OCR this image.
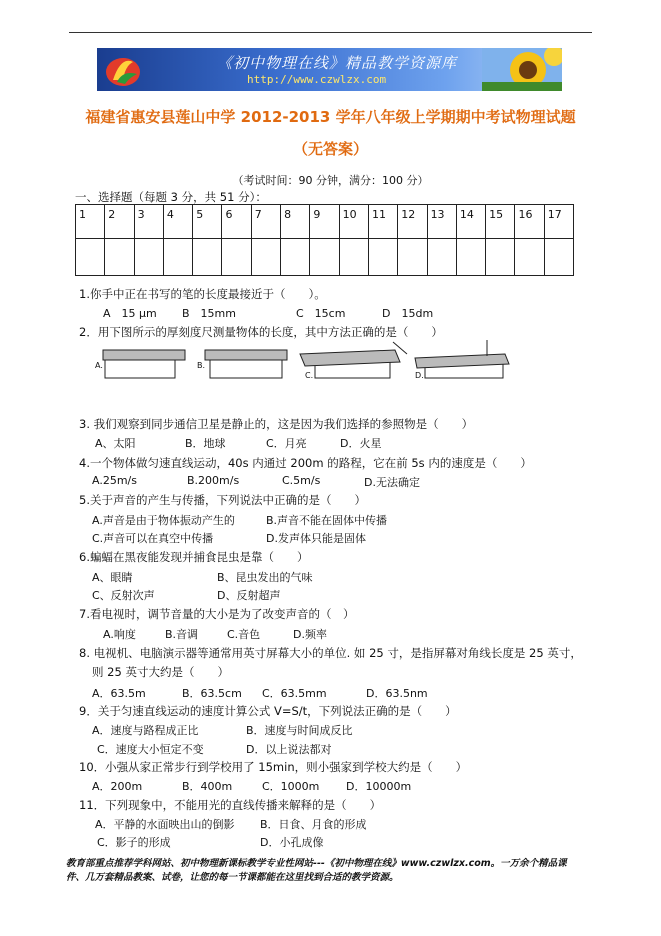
《初中物理在线》精品教学资源库
http://www.czwlzx.com
福建省惠安县莲山中学 2012-2013 学年八年级上学期期中考试物理试题
（无答案）
（考试时间：90 分钟，满分：100 分）
一、选择题（每题 3 分，共 51 分）：
1	2	3	4	5	6	7	8	9	10	11	12	13	14	15	16	17

1.你手中正在书写的笔的长度最接近于（　　）。
A　15 μm B　15mm	C　15cm	D　15dm
2．用下图所示的厚刻度尺测量物体的长度，其中方法正确的是（　　）
A.	B.
C.	D.
3. 我们观察到同步通信卫星是静止的，这是因为我们选择的参照物是（　　）
A、太阳	B．地球	C．月亮	D．火星
4.一个物体做匀速直线运动，40s 内通过 200m 的路程，它在前 5s 内的速度是（　　）
A.25m/s	B.200m/s	C.5m/s	D.无法确定
5.关于声音的产生与传播，下列说法中正确的是（　　）
A.声音是由于物体振动产生的	B.声音不能在固体中传播
C.声音可以在真空中传播	D.发声体只能是固体
6.蝙蝠在黑夜能发现并捕食昆虫是靠（　　）
A、眼睛	B、昆虫发出的气味
C、反射次声	D、反射超声
7.看电视时，调节音量的大小是为了改变声音的（　）
A.响度	B.音调	C.音色	D.频率
8. 电视机、电脑演示器等通常用英寸屏幕大小的单位. 如 25 寸，是指屏幕对角线长度是 25 英寸，
则 25 英寸大约是（　　）
A．63.5m	B．63.5cm C．63.5mm	D．63.5nm
9．关于匀速直线运动的速度计算公式 V=S/t，下列说法正确的是（　　）
A．速度与路程成正比	B．速度与时间成反比
C．速度大小恒定不变	D．以上说法都对
10．小强从家正常步行到学校用了 15min，则小强家到学校大约是（　　）
A．200m	B．400m	C．1000m D．10000m
11．下列现象中，不能用光的直线传播来解释的是（　　）
A．平静的水面映出山的倒影 B．日食、月食的形成
C．影子的形成	D．小孔成像
教育部重点推荐学科网站、初中物理新课标教学专业性网站---《初中物理在线》www.czwlzx.com。一万余个精品课
件、几万套精品教案、试卷，让您的每一节课都能在这里找到合适的教学资源。
